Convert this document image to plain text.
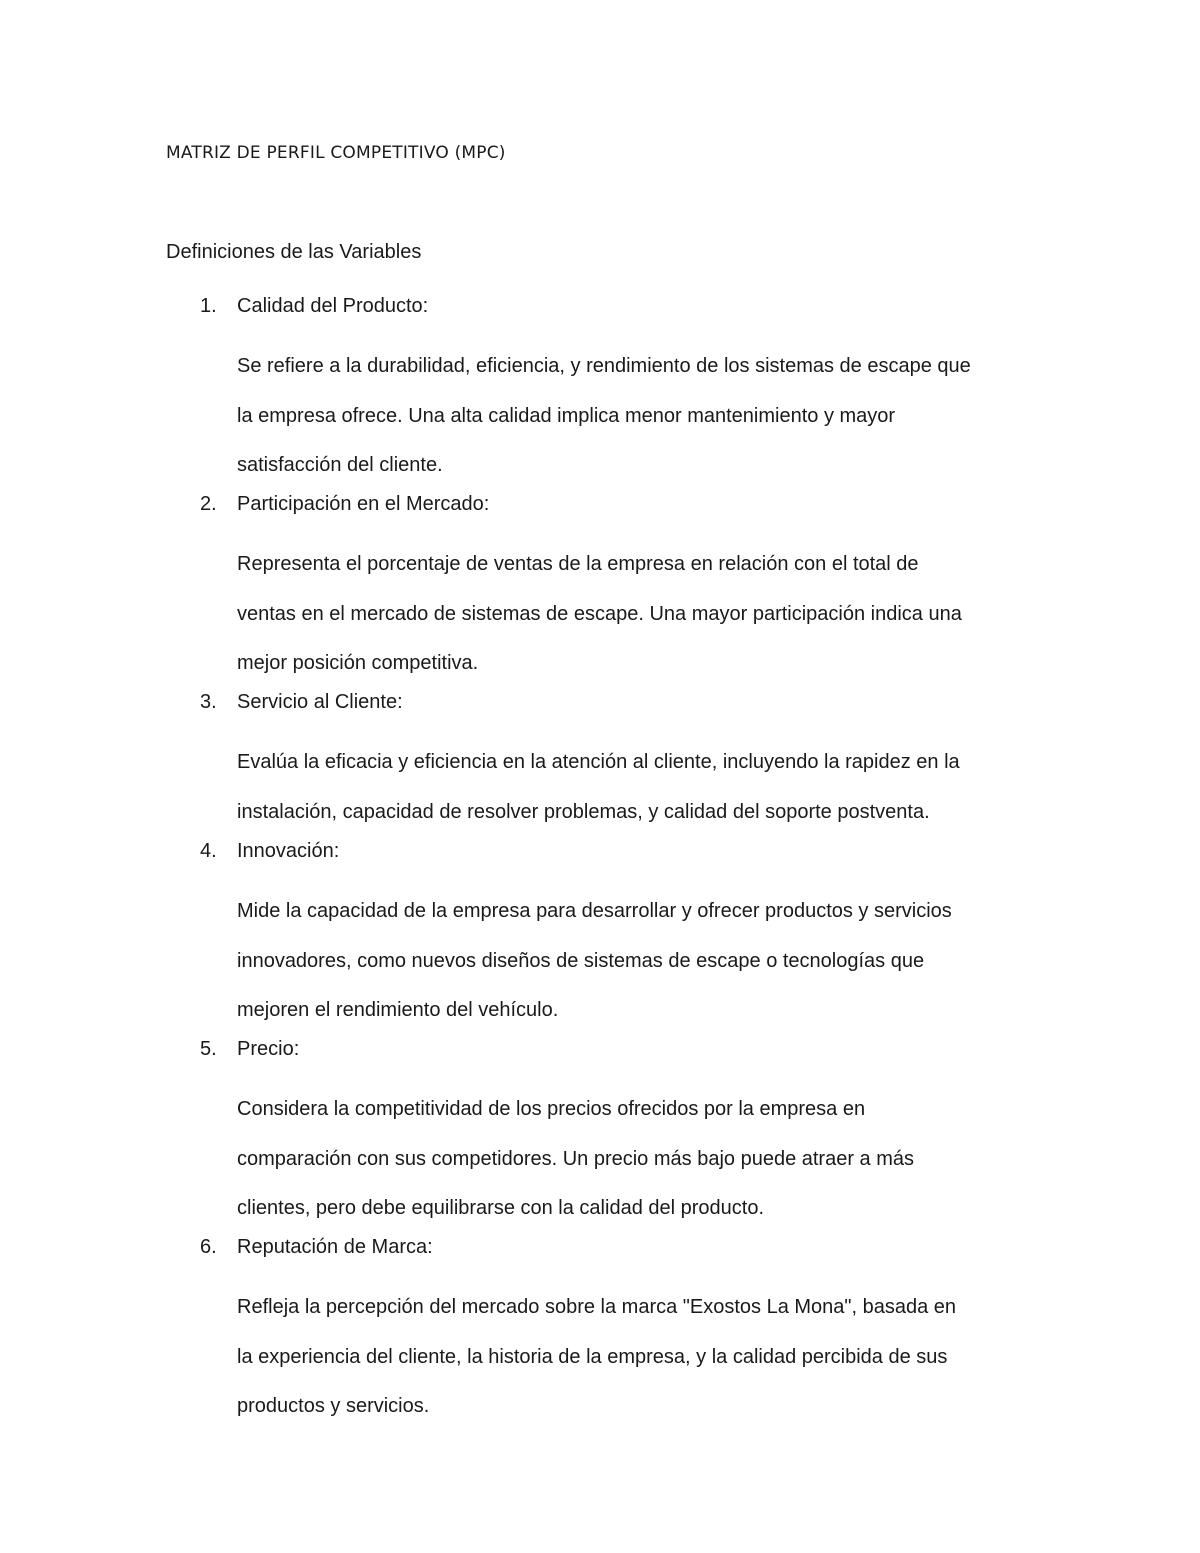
MATRIZ DE PERFIL COMPETITIVO (MPC)
Definiciones de las Variables
1. Calidad del Producto:
Se refiere a la durabilidad, eficiencia, y rendimiento de los sistemas de escape que
la empresa ofrece. Una alta calidad implica menor mantenimiento y mayor
satisfacción del cliente.
2. Participación en el Mercado:
Representa el porcentaje de ventas de la empresa en relación con el total de
ventas en el mercado de sistemas de escape. Una mayor participación indica una
mejor posición competitiva.
3. Servicio al Cliente:
Evalúa la eficacia y eficiencia en la atención al cliente, incluyendo la rapidez en la
instalación, capacidad de resolver problemas, y calidad del soporte postventa.
4. Innovación:
Mide la capacidad de la empresa para desarrollar y ofrecer productos y servicios
innovadores, como nuevos diseños de sistemas de escape o tecnologías que
mejoren el rendimiento del vehículo.
5. Precio:
Considera la competitividad de los precios ofrecidos por la empresa en
comparación con sus competidores. Un precio más bajo puede atraer a más
clientes, pero debe equilibrarse con la calidad del producto.
6. Reputación de Marca:
Refleja la percepción del mercado sobre la marca "Exostos La Mona", basada en
la experiencia del cliente, la historia de la empresa, y la calidad percibida de sus
productos y servicios.
